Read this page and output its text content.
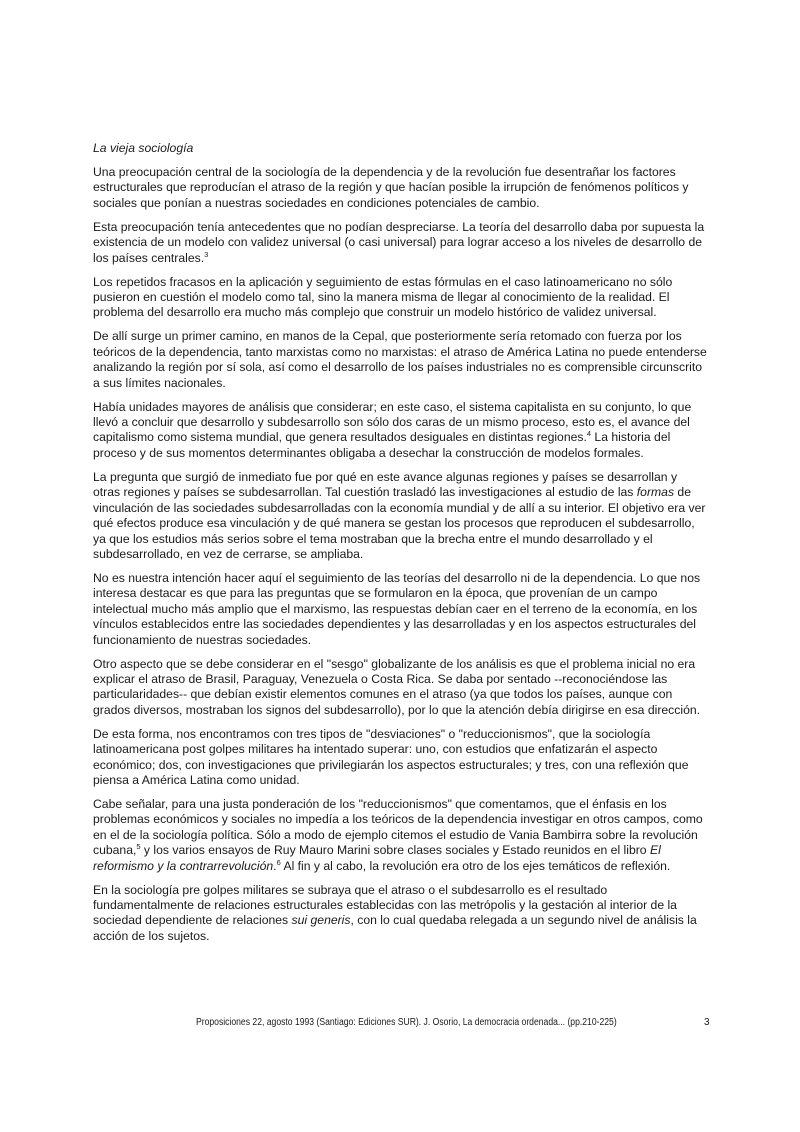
La vieja sociología

Una preocupación central de la sociología de la dependencia y de la revolución fue desentrañar los factores estructurales que reproducían el atraso de la región y que hacían posible la irrupción de fenómenos políticos y sociales que ponían a nuestras sociedades en condiciones potenciales de cambio.

Esta preocupación tenía antecedentes que no podían despreciarse. La teoría del desarrollo daba por supuesta la existencia de un modelo con validez universal (o casi universal) para lograr acceso a los niveles de desarrollo de los países centrales.$^3$

Los repetidos fracasos en la aplicación y seguimiento de estas fórmulas en el caso latinoamericano no sólo pusieron en cuestión el modelo como tal, sino la manera misma de llegar al conocimiento de la realidad. El problema del desarrollo era mucho más complejo que construir un modelo histórico de validez universal.

De allí surge un primer camino, en manos de la Cepal, que posteriormente sería retomado con fuerza por los teóricos de la dependencia, tanto marxistas como no marxistas: el atraso de América Latina no puede entenderse analizando la región por sí sola, así como el desarrollo de los países industriales no es comprensible circunscrito a sus límites nacionales.

Había unidades mayores de análisis que considerar; en este caso, el sistema capitalista en su conjunto, lo que llevó a concluir que desarrollo y subdesarrollo son sólo dos caras de un mismo proceso, esto es, el avance del capitalismo como sistema mundial, que genera resultados desiguales en distintas regiones.$^4$ La historia del proceso y de sus momentos determinantes obligaba a desechar la construcción de modelos formales.

La pregunta que surgió de inmediato fue por qué en este avance algunas regiones y países se desarrollan y otras regiones y países se subdesarrollan. Tal cuestión trasladó las investigaciones al estudio de las formas de vinculación de las sociedades subdesarrolladas con la economía mundial y de allí a su interior. El objetivo era ver qué efectos produce esa vinculación y de qué manera se gestan los procesos que reproducen el subdesarrollo, ya que los estudios más serios sobre el tema mostraban que la brecha entre el mundo desarrollado y el subdesarrollado, en vez de cerrarse, se ampliaba.

No es nuestra intención hacer aquí el seguimiento de las teorías del desarrollo ni de la dependencia. Lo que nos interesa destacar es que para las preguntas que se formularon en la época, que provenían de un campo intelectual mucho más amplio que el marxismo, las respuestas debían caer en el terreno de la economía, en los vínculos establecidos entre las sociedades dependientes y las desarrolladas y en los aspectos estructurales del funcionamiento de nuestras sociedades.

Otro aspecto que se debe considerar en el "sesgo" globalizante de los análisis es que el problema inicial no era explicar el atraso de Brasil, Paraguay, Venezuela o Costa Rica. Se daba por sentado --reconociéndose las particularidades-- que debían existir elementos comunes en el atraso (ya que todos los países, aunque con grados diversos, mostraban los signos del subdesarrollo), por lo que la atención debía dirigirse en esa dirección.

De esta forma, nos encontramos con tres tipos de "desviaciones" o "reduccionismos", que la sociología latinoamericana post golpes militares ha intentado superar: uno, con estudios que enfatizarán el aspecto económico; dos, con investigaciones que privilegiarán los aspectos estructurales; y tres, con una reflexión que piensa a América Latina como unidad.

Cabe señalar, para una justa ponderación de los "reduccionismos" que comentamos, que el énfasis en los problemas económicos y sociales no impedía a los teóricos de la dependencia investigar en otros campos, como en el de la sociología política. Sólo a modo de ejemplo citemos el estudio de Vania Bambirra sobre la revolución cubana,$^5$ y los varios ensayos de Ruy Mauro Marini sobre clases sociales y Estado reunidos en el libro El reformismo y la contrarrevolución.$^6$ Al fin y al cabo, la revolución era otro de los ejes temáticos de reflexión.

En la sociología pre golpes militares se subraya que el atraso o el subdesarrollo es el resultado fundamentalmente de relaciones estructurales establecidas con las metrópolis y la gestación al interior de la sociedad dependiente de relaciones sui generis, con lo cual quedaba relegada a un segundo nivel de análisis la acción de los sujetos.

Proposiciones 22, agosto 1993 (Santiago: Ediciones SUR). J. Osorio, La democracia ordenada... (pp.210-225)	3
